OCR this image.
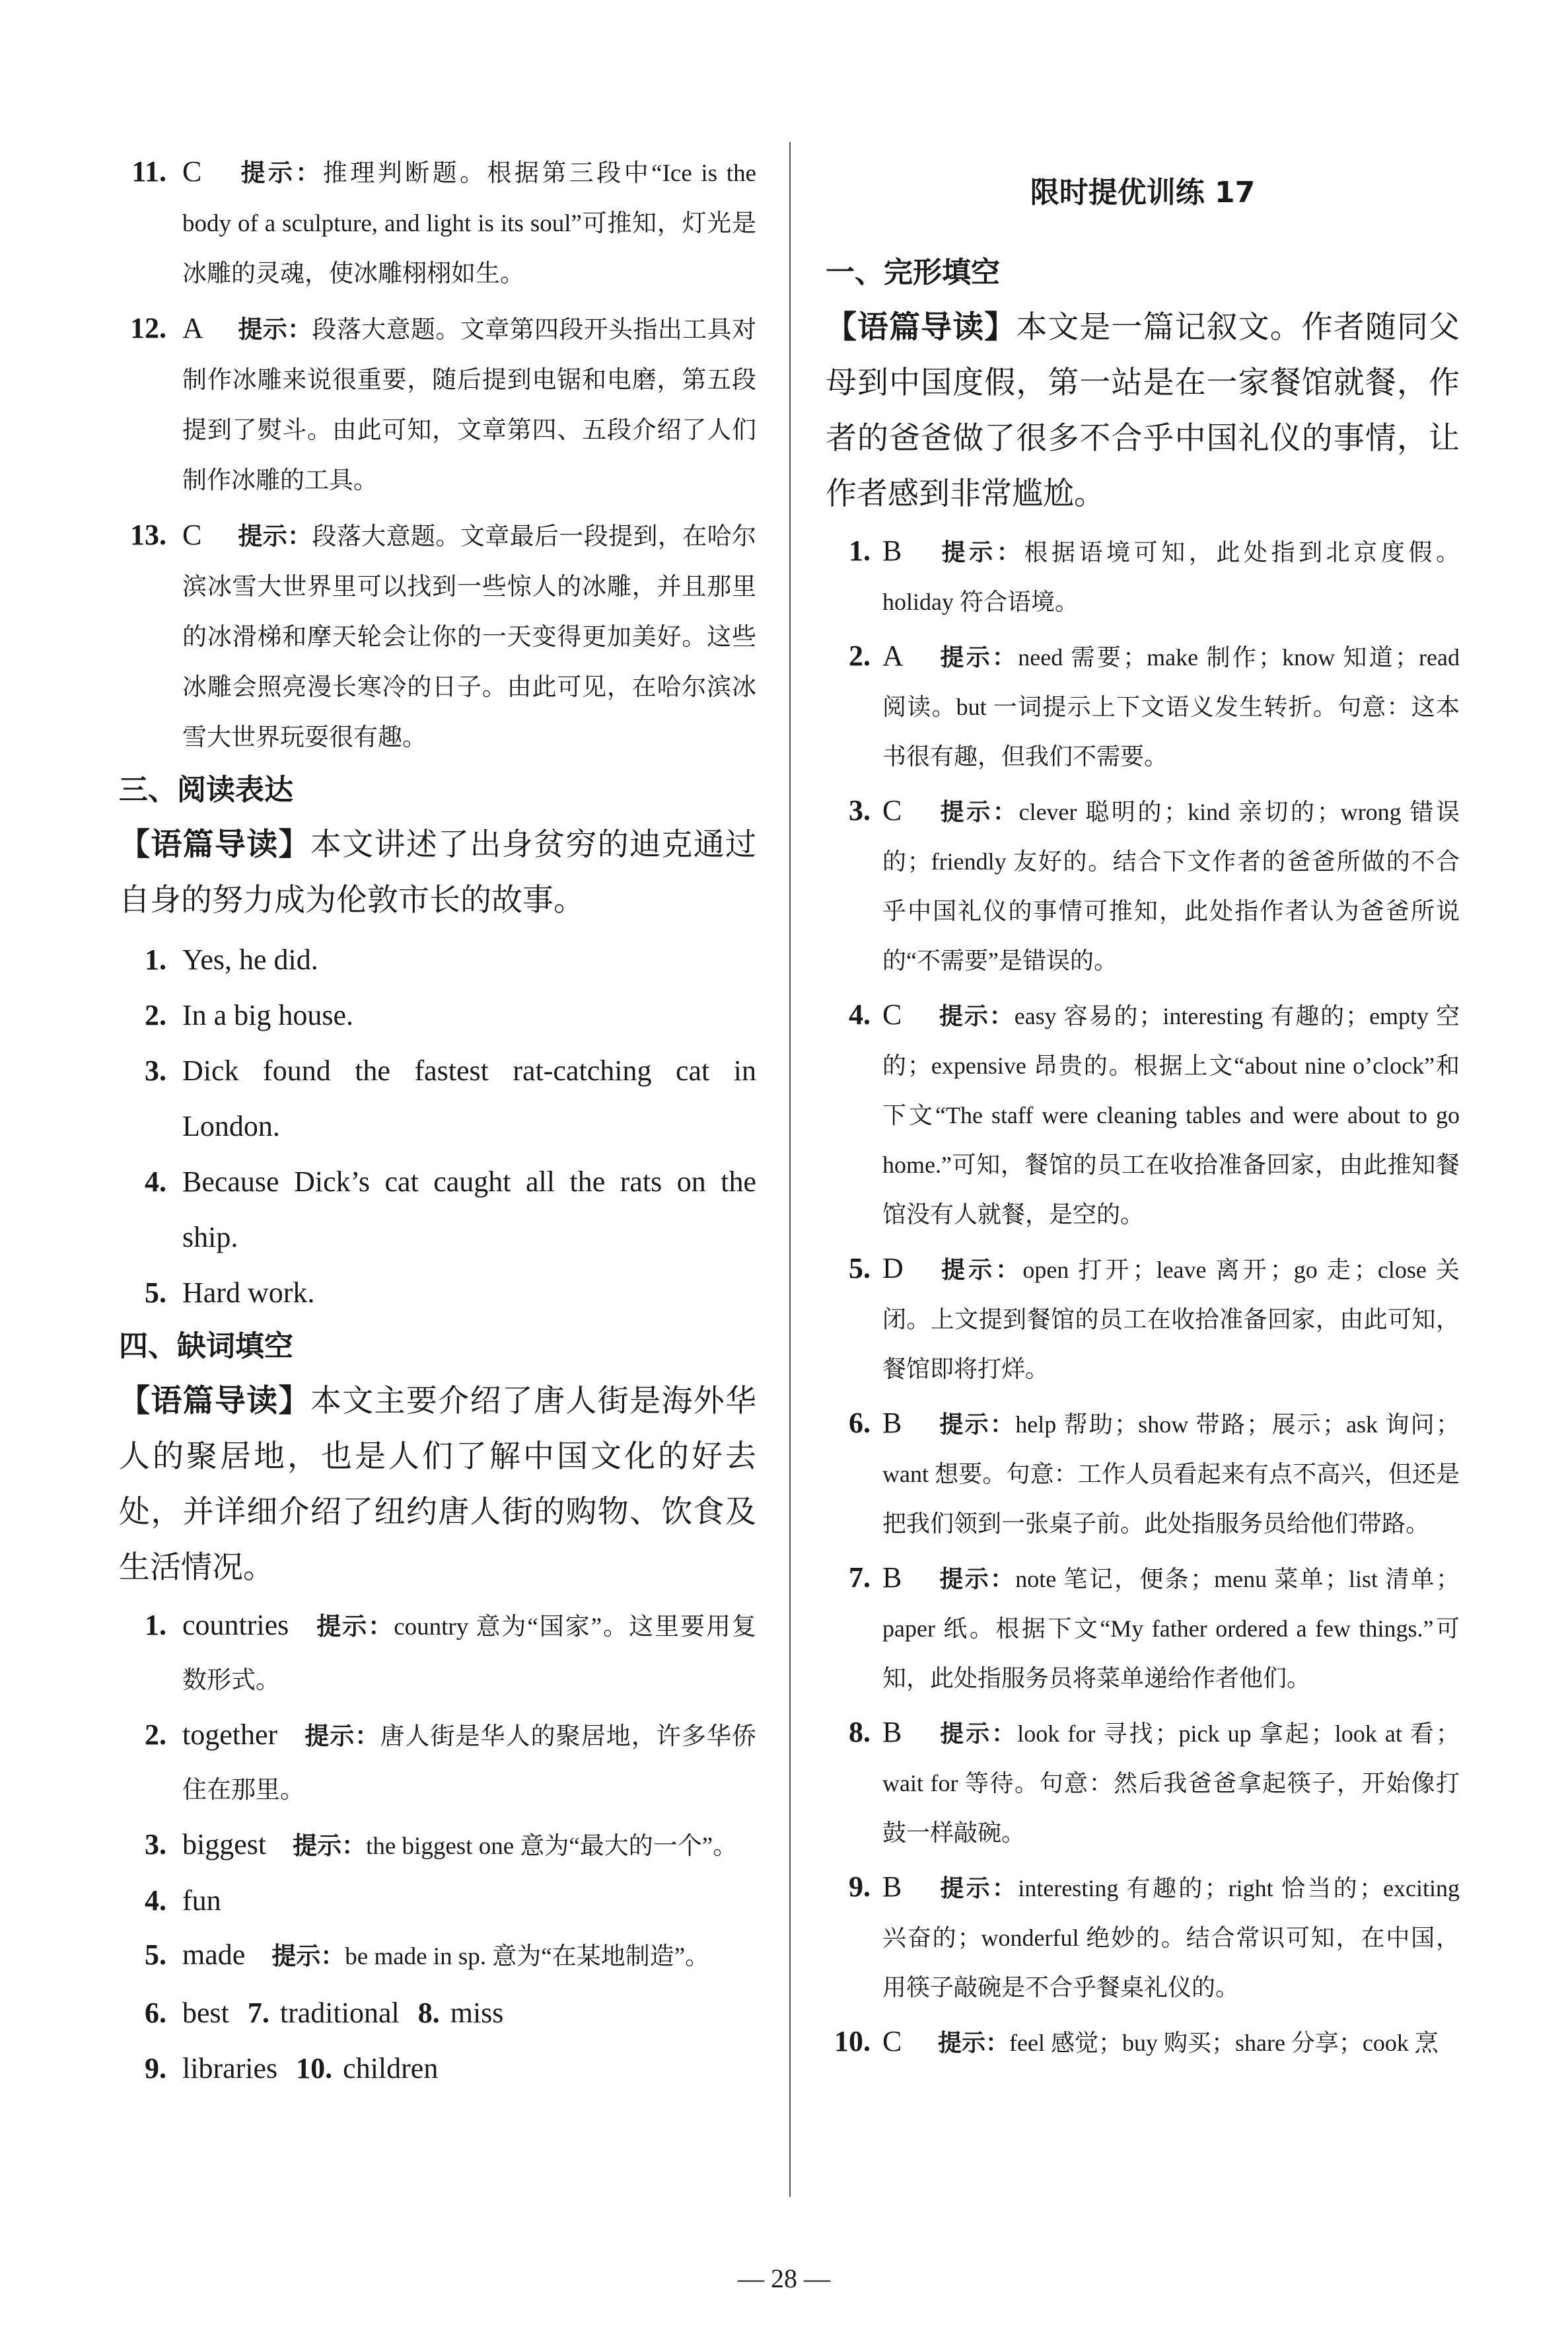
11. C 提示：推理判断题。根据第三段中“Ice is the body of a sculpture, and light is its soul”可推知，灯光是冰雕的灵魂，使冰雕栩栩如生。
12. A 提示：段落大意题。文章第四段开头指出工具对制作冰雕来说很重要，随后提到电锯和电磨，第五段提到了熨斗。由此可知，文章第四、五段介绍了人们制作冰雕的工具。
13. C 提示：段落大意题。文章最后一段提到，在哈尔滨冰雪大世界里可以找到一些惊人的冰雕，并且那里的冰滑梯和摩天轮会让你的一天变得更加美好。这些冰雕会照亮漫长寒冷的日子。由此可见，在哈尔滨冰雪大世界玩耍很有趣。
三、阅读表达
【语篇导读】本文讲述了出身贫穷的迪克通过自身的努力成为伦敦市长的故事。
1. Yes, he did.
2. In a big house.
3. Dick found the fastest rat-catching cat in London.
4. Because Dick’s cat caught all the rats on the ship.
5. Hard work.
四、缺词填空
【语篇导读】本文主要介绍了唐人街是海外华人的聚居地，也是人们了解中国文化的好去处，并详细介绍了纽约唐人街的购物、饮食及生活情况。
1. countries 提示：country 意为“国家”。这里要用复数形式。
2. together 提示：唐人街是华人的聚居地，许多华侨住在那里。
3. biggest 提示：the biggest one 意为“最大的一个”。
4. fun
5. made 提示：be made in sp. 意为“在某地制造”。
6. best 7. traditional 8. miss
9. libraries 10. children
限时提优训练 17
一、完形填空
【语篇导读】本文是一篇记叙文。作者随同父母到中国度假，第一站是在一家餐馆就餐，作者的爸爸做了很多不合乎中国礼仪的事情，让作者感到非常尴尬。
1. B 提示：根据语境可知，此处指到北京度假。holiday 符合语境。
2. A 提示：need 需要；make 制作；know 知道；read 阅读。but 一词提示上下文语义发生转折。句意：这本书很有趣，但我们不需要。
3. C 提示：clever 聪明的；kind 亲切的；wrong 错误的；friendly 友好的。结合下文作者的爸爸所做的不合乎中国礼仪的事情可推知，此处指作者认为爸爸所说的“不需要”是错误的。
4. C 提示：easy 容易的；interesting 有趣的；empty 空的；expensive 昂贵的。根据上文“about nine o’clock”和下文“The staff were cleaning tables and were about to go home.”可知，餐馆的员工在收拾准备回家，由此推知餐馆没有人就餐，是空的。
5. D 提示：open 打开；leave 离开；go 走；close 关闭。上文提到餐馆的员工在收拾准备回家，由此可知，餐馆即将打烊。
6. B 提示：help 帮助；show 带路；展示；ask 询问；want 想要。句意：工作人员看起来有点不高兴，但还是把我们领到一张桌子前。此处指服务员给他们带路。
7. B 提示：note 笔记，便条；menu 菜单；list 清单；paper 纸。根据下文“My father ordered a few things.”可知，此处指服务员将菜单递给作者他们。
8. B 提示：look for 寻找；pick up 拿起；look at 看；wait for 等待。句意：然后我爸爸拿起筷子，开始像打鼓一样敲碗。
9. B 提示：interesting 有趣的；right 恰当的；exciting 兴奋的；wonderful 绝妙的。结合常识可知，在中国，用筷子敲碗是不合乎餐桌礼仪的。
10. C 提示：feel 感觉；buy 购买；share 分享；cook 烹
— 28 —
